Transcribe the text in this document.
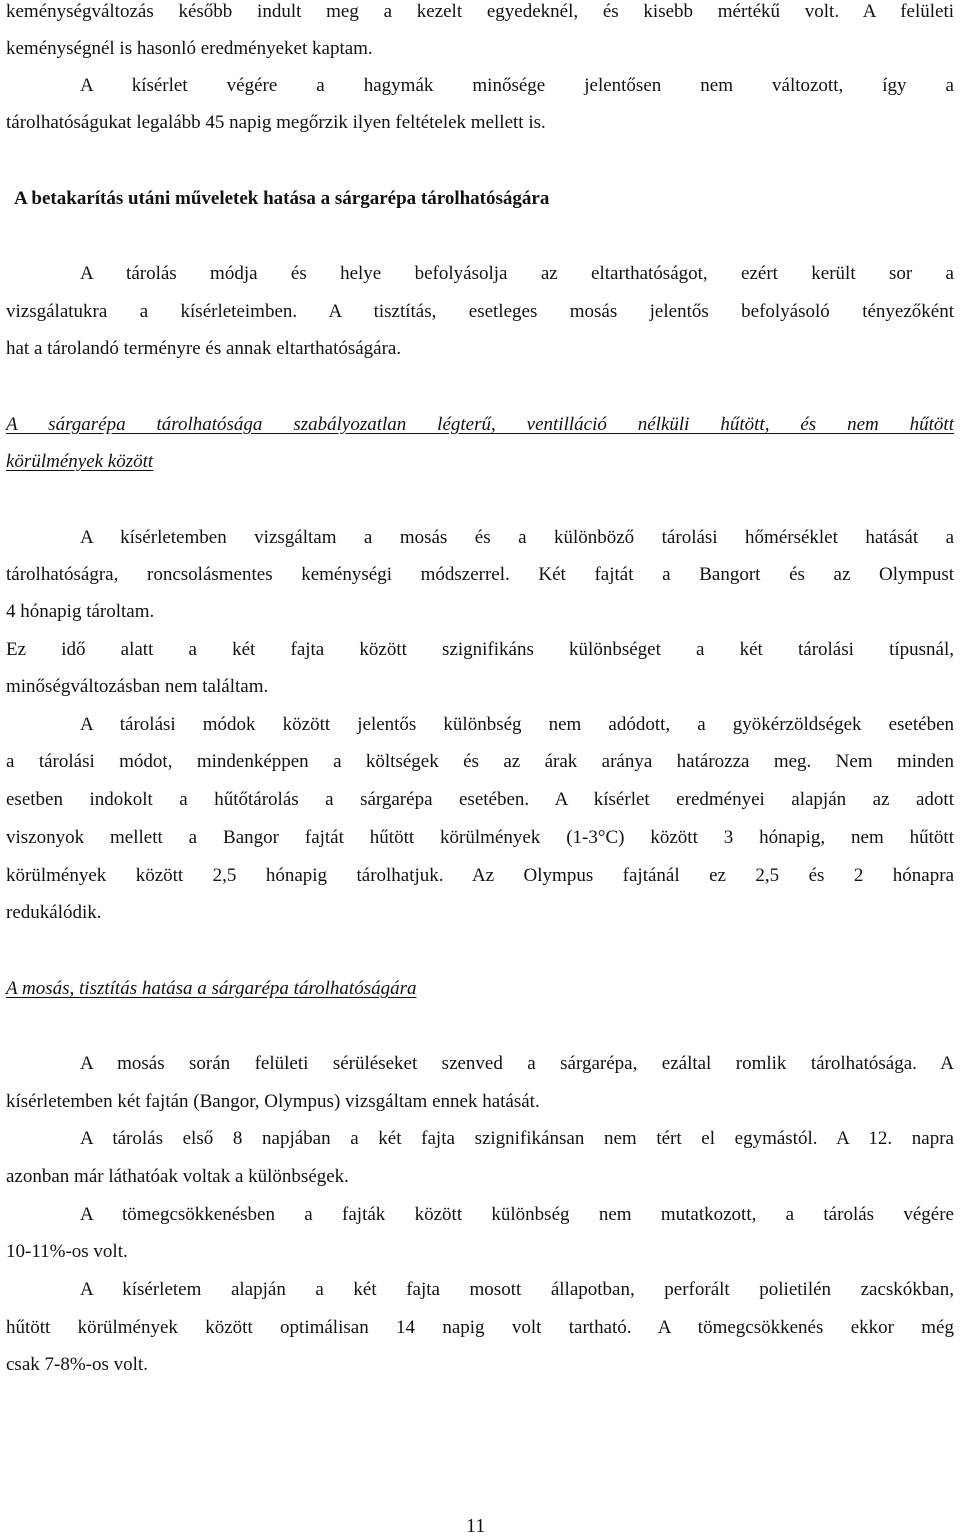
keménységváltozás később indult meg a kezelt egyedeknél, és kisebb mértékű volt. A felületi
keménységnél is hasonló eredményeket kaptam.
A kísérlet végére a hagymák minősége jelentősen nem változott, így a
tárolhatóságukat legalább 45 napig megőrzik ilyen feltételek mellett is.
A betakarítás utáni műveletek hatása a sárgarépa tárolhatóságára
A tárolás módja és helye befolyásolja az eltarthatóságot, ezért került sor a
vizsgálatukra a kísérleteimben. A tisztítás, esetleges mosás jelentős befolyásoló tényezőként
hat a tárolandó terményre és annak eltarthatóságára.
A sárgarépa tárolhatósága szabályozatlan légterű, ventilláció nélküli hűtött, és nem hűtött
körülmények között
A kísérletemben vizsgáltam a mosás és a különböző tárolási hőmérséklet hatását a
tárolhatóságra, roncsolásmentes keménységi módszerrel. Két fajtát a Bangort és az Olympust
4 hónapig tároltam.
Ez idő alatt a két fajta között szignifikáns különbséget a két tárolási típusnál,
minőségváltozásban nem találtam.
A tárolási módok között jelentős különbség nem adódott, a gyökérzöldségek esetében
a tárolási módot, mindenképpen a költségek és az árak aránya határozza meg. Nem minden
esetben indokolt a hűtőtárolás a sárgarépa esetében. A kísérlet eredményei alapján az adott
viszonyok mellett a Bangor fajtát hűtött körülmények (1-3°C) között 3 hónapig, nem hűtött
körülmények között 2,5 hónapig tárolhatjuk. Az Olympus fajtánál ez 2,5 és 2 hónapra
redukálódik.
A mosás, tisztítás hatása a sárgarépa tárolhatóságára
A mosás során felületi sérüléseket szenved a sárgarépa, ezáltal romlik tárolhatósága. A
kísérletemben két fajtán (Bangor, Olympus) vizsgáltam ennek hatását.
A tárolás első 8 napjában a két fajta szignifikánsan nem tért el egymástól. A 12. napra
azonban már láthatóak voltak a különbségek.
A tömegcsökkenésben a fajták között különbség nem mutatkozott, a tárolás végére
10-11%-os volt.
A kísérletem alapján a két fajta mosott állapotban, perforált polietilén zacskókban,
hűtött körülmények között optimálisan 14 napig volt tartható. A tömegcsökkenés ekkor még
csak 7-8%-os volt.
11
